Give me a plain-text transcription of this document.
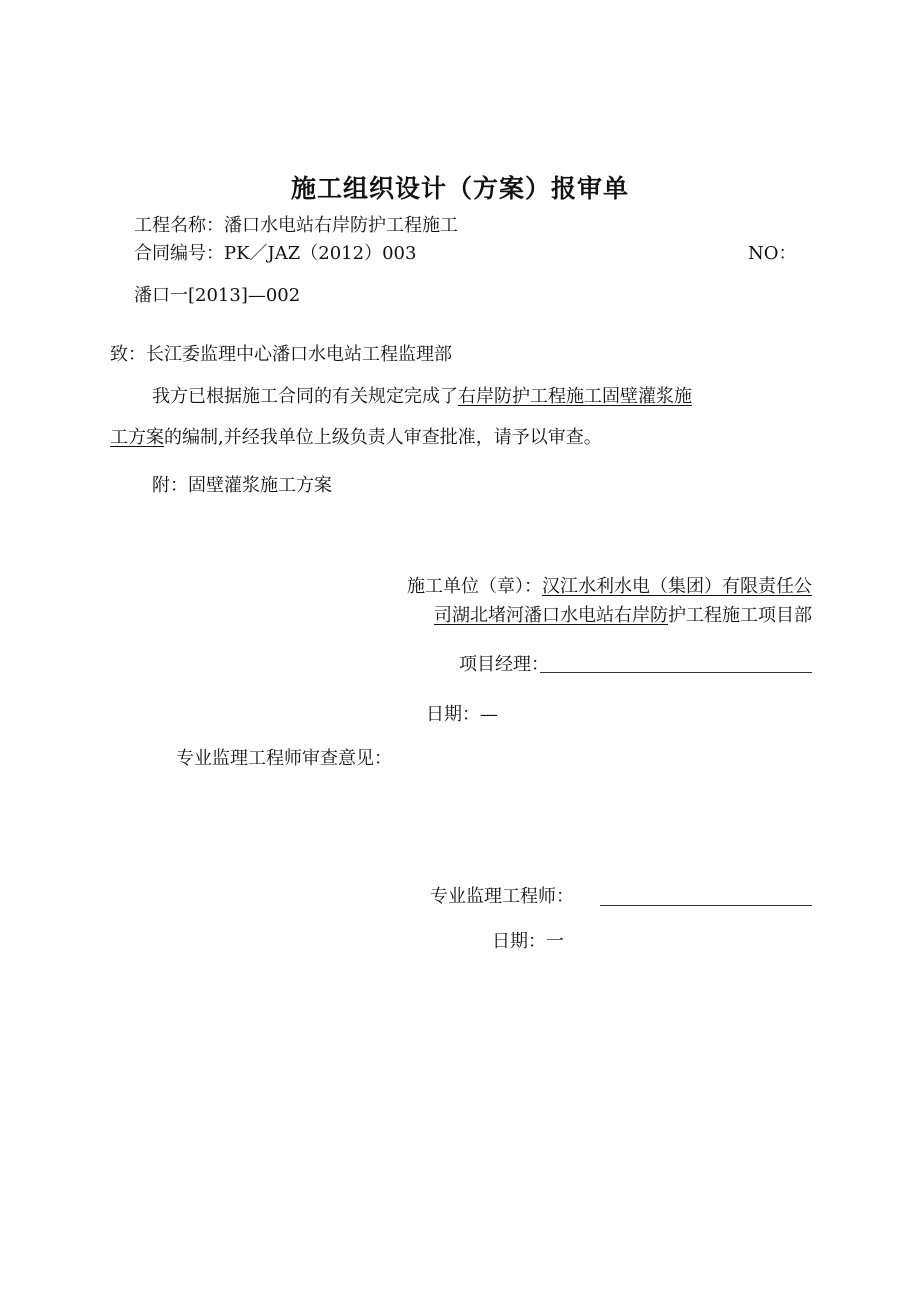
施工组织设计（方案）报审单
工程名称：潘口水电站右岸防护工程施工
合同编号：PK／JAZ（2012）003	NO：
潘口一[2013]—002
致：长江委监理中心潘口水电站工程监理部
我方已根据施工合同的有关规定完成了右岸防护工程施工固壁灌浆施
工方案的编制,并经我单位上级负责人审查批准，请予以审查。
附：固壁灌浆施工方案
施工单位（章）：汉江水利水电（集团）有限责任公
司湖北堵河潘口水电站右岸防护工程施工项目部
项目经理：
日期：—
专业监理工程师审查意见：
专业监理工程师：
日期：一
